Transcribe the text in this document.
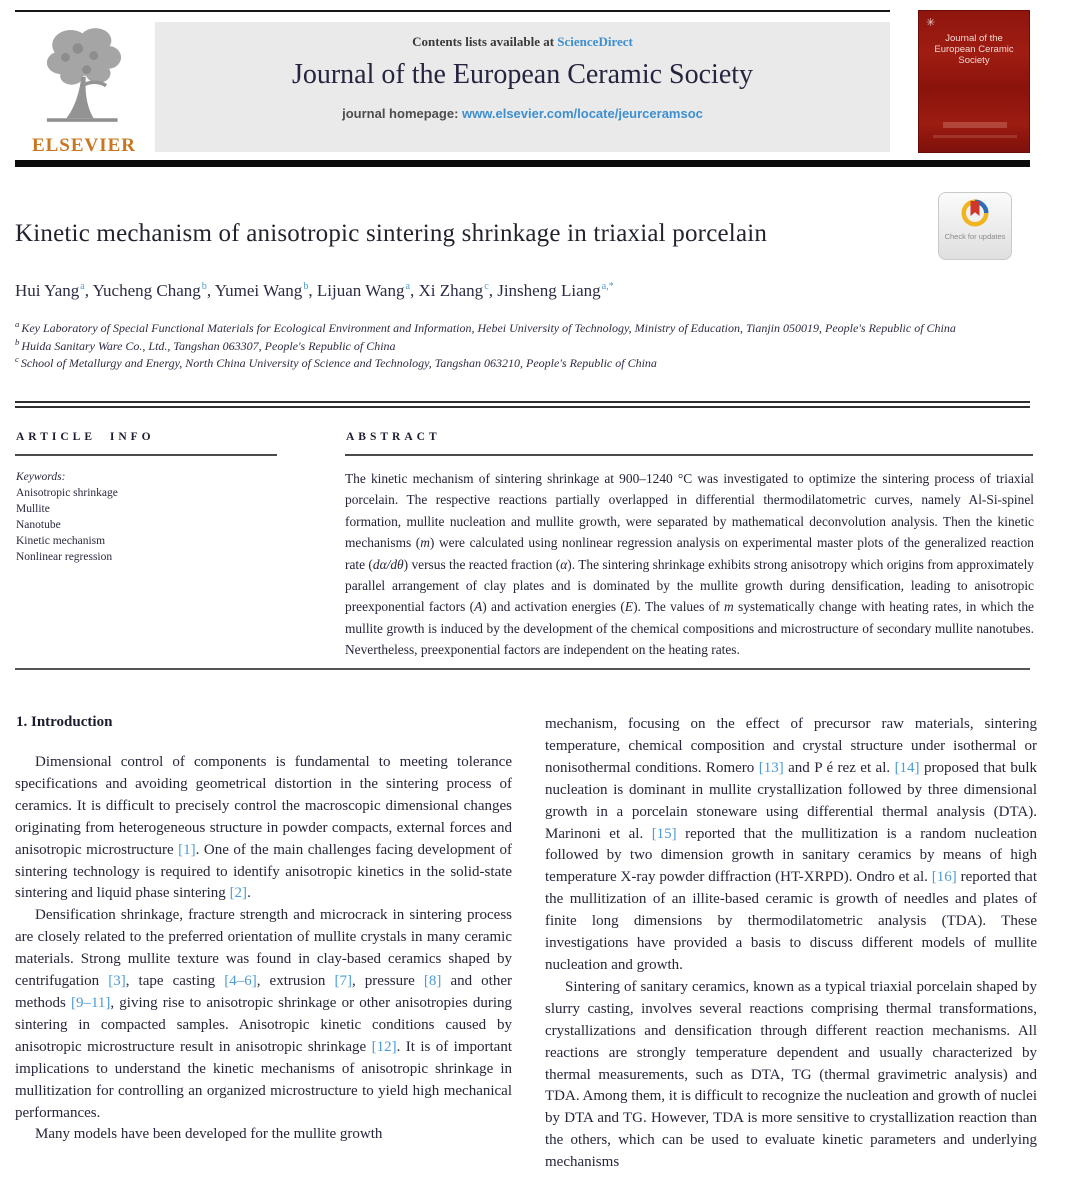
ELSEVIER
Contents lists available at ScienceDirect
Journal of the European Ceramic Society
journal homepage: www.elsevier.com/locate/jeurceramsoc
✳
Journal of the European Ceramic Society
Kinetic mechanism of anisotropic sintering shrinkage in triaxial porcelain	Check for updates
Hui Yang$^a$, Yucheng Chang$^b$, Yumei Wang$^b$, Lijuan Wang$^a$, Xi Zhang$^c$, Jinsheng Liang$^{a,*}$
$^a$ Key Laboratory of Special Functional Materials for Ecological Environment and Information, Hebei University of Technology, Ministry of Education, Tianjin 050019, People's Republic of China
$^b$ Huida Sanitary Ware Co., Ltd., Tangshan 063307, People's Republic of China
$^c$ School of Metallurgy and Energy, North China University of Science and Technology, Tangshan 063210, People's Republic of China
ARTICLE INFO	ABSTRACT
Keywords:
Anisotropic shrinkage
Mullite
Nanotube
Kinetic mechanism
Nonlinear regression

The kinetic mechanism of sintering shrinkage at 900–1240 °C was investigated to optimize the sintering process of triaxial porcelain. The respective reactions partially overlapped in differential thermodilatometric curves, namely Al-Si-spinel formation, mullite nucleation and mullite growth, were separated by mathematical deconvolution analysis. Then the kinetic mechanisms (m) were calculated using nonlinear regression analysis on experimental master plots of the generalized reaction rate (dα/dθ) versus the reacted fraction (α). The sintering shrinkage exhibits strong anisotropy which origins from approximately parallel arrangement of clay plates and is dominated by the mullite growth during densification, leading to anisotropic preexponential factors (A) and activation energies (E). The values of m systematically change with heating rates, in which the mullite growth is induced by the development of the chemical compositions and microstructure of secondary mullite nanotubes. Nevertheless, preexponential factors are independent on the heating rates.

1. Introduction

Dimensional control of components is fundamental to meeting tolerance specifications and avoiding geometrical distortion in the sintering process of ceramics. It is difficult to precisely control the macroscopic dimensional changes originating from heterogeneous structure in powder compacts, external forces and anisotropic microstructure [1]. One of the main challenges facing development of sintering technology is required to identify anisotropic kinetics in the solid-state sintering and liquid phase sintering [2].

Densification shrinkage, fracture strength and microcrack in sintering process are closely related to the preferred orientation of mullite crystals in many ceramic materials. Strong mullite texture was found in clay-based ceramics shaped by centrifugation [3], tape casting [4–6], extrusion [7], pressure [8] and other methods [9–11], giving rise to anisotropic shrinkage or other anisotropies during sintering in compacted samples. Anisotropic kinetic conditions caused by anisotropic microstructure result in anisotropic shrinkage [12]. It is of important implications to understand the kinetic mechanisms of anisotropic shrinkage in mullitization for controlling an organized microstructure to yield high mechanical performances.

Many models have been developed for the mullite growth

mechanism, focusing on the effect of precursor raw materials, sintering temperature, chemical composition and crystal structure under isothermal or nonisothermal conditions. Romero [13] and P é rez et al. [14] proposed that bulk nucleation is dominant in mullite crystallization followed by three dimensional growth in a porcelain stoneware using differential thermal analysis (DTA). Marinoni et al. [15] reported that the mullitization is a random nucleation followed by two dimension growth in sanitary ceramics by means of high temperature X-ray powder diffraction (HT-XRPD). Ondro et al. [16] reported that the mullitization of an illite-based ceramic is growth of needles and plates of finite long dimensions by thermodilatometric analysis (TDA). These investigations have provided a basis to discuss different models of mullite nucleation and growth.

Sintering of sanitary ceramics, known as a typical triaxial porcelain shaped by slurry casting, involves several reactions comprising thermal transformations, crystallizations and densification through different reaction mechanisms. All reactions are strongly temperature dependent and usually characterized by thermal measurements, such as DTA, TG (thermal gravimetric analysis) and TDA. Among them, it is difficult to recognize the nucleation and growth of nuclei by DTA and TG. However, TDA is more sensitive to crystallization reaction than the others, which can be used to evaluate kinetic parameters and underlying mechanisms
